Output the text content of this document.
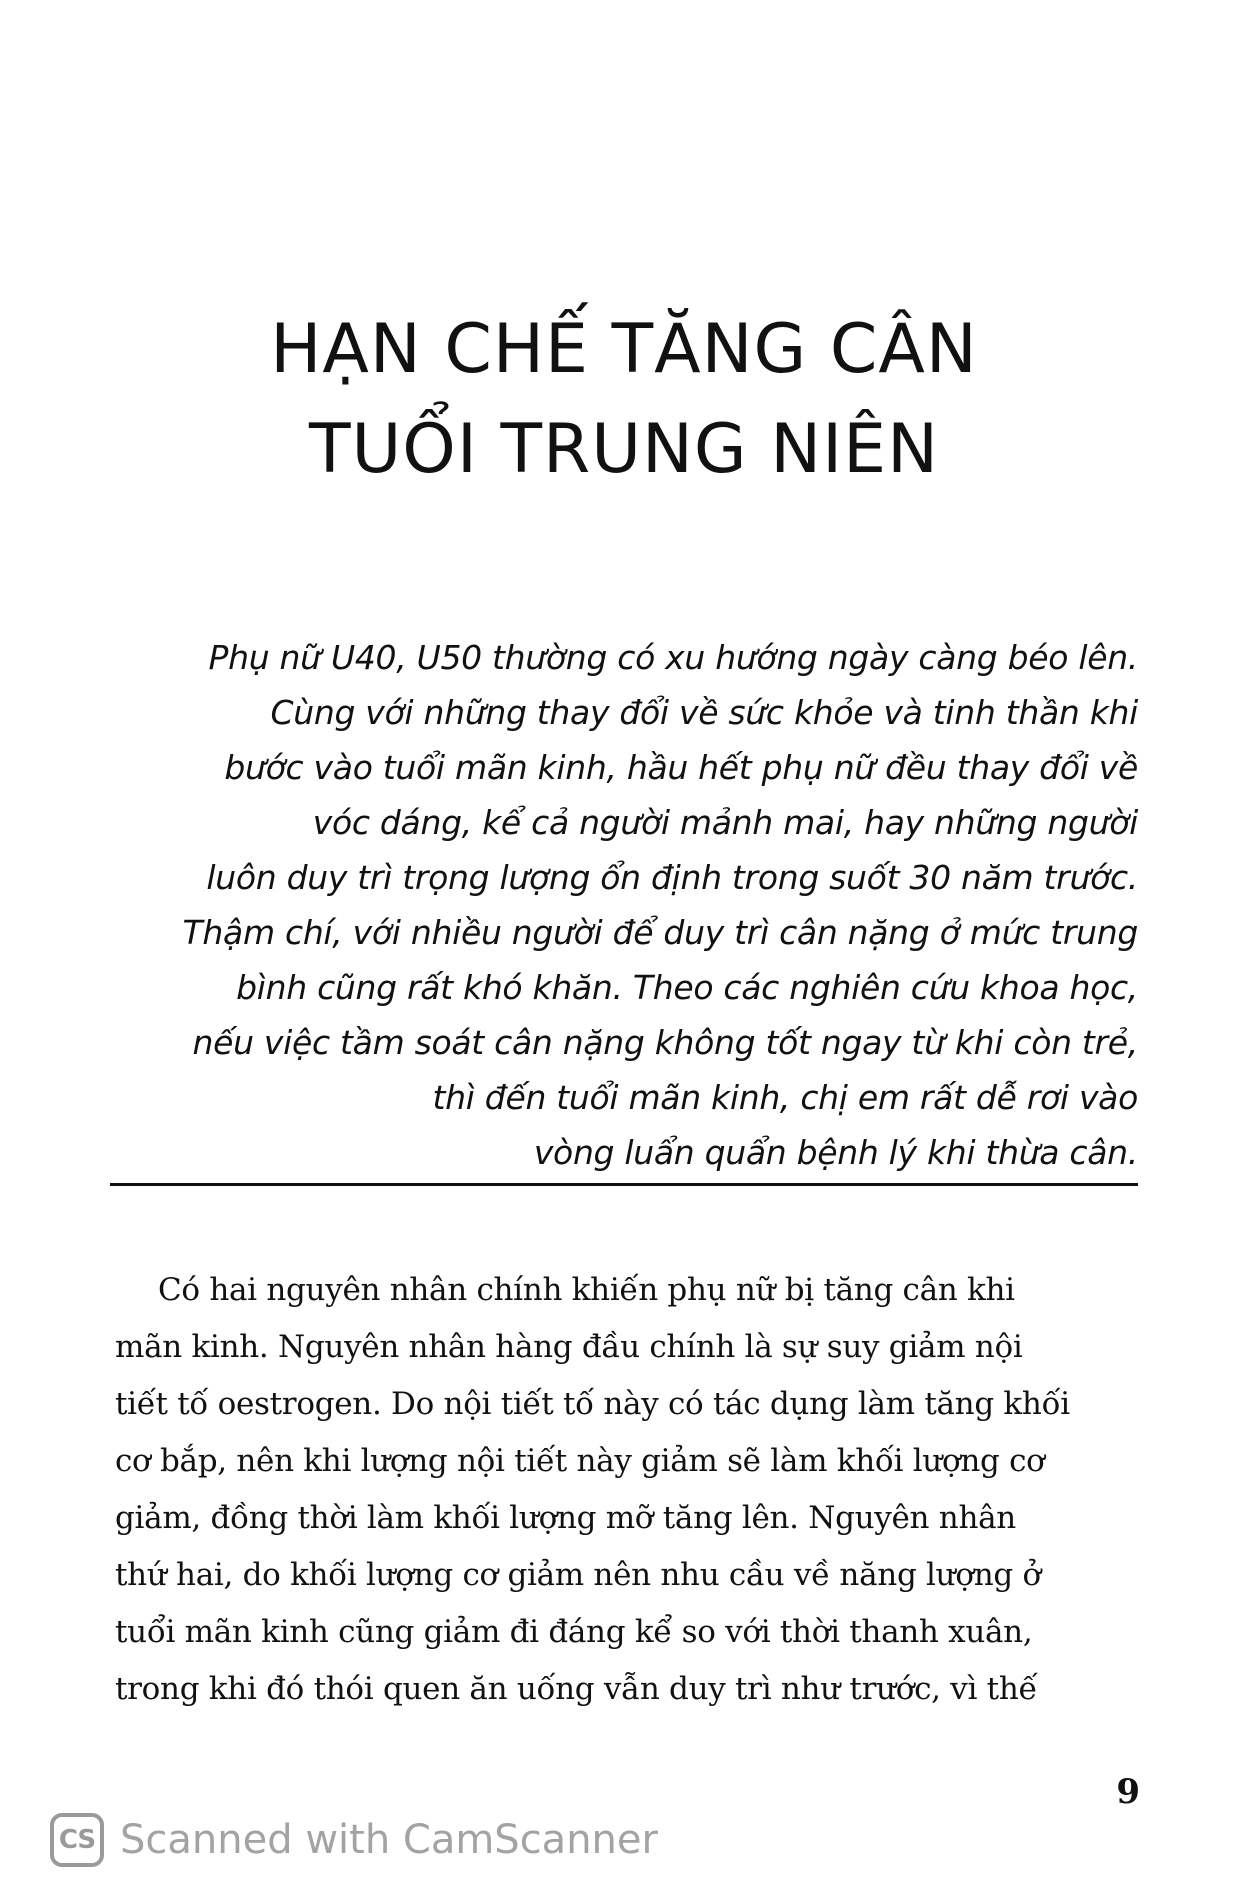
HẠN CHẾ TĂNG CÂN
TUỔI TRUNG NIÊN
Phụ nữ U40, U50 thường có xu hướng ngày càng béo lên.
Cùng với những thay đổi về sức khỏe và tinh thần khi
bước vào tuổi mãn kinh, hầu hết phụ nữ đều thay đổi về
vóc dáng, kể cả người mảnh mai, hay những người
luôn duy trì trọng lượng ổn định trong suốt 30 năm trước.
Thậm chí, với nhiều người để duy trì cân nặng ở mức trung
bình cũng rất khó khăn. Theo các nghiên cứu khoa học,
nếu việc tầm soát cân nặng không tốt ngay từ khi còn trẻ,
thì đến tuổi mãn kinh, chị em rất dễ rơi vào
vòng luẩn quẩn bệnh lý khi thừa cân.
Có hai nguyên nhân chính khiến phụ nữ bị tăng cân khi
mãn kinh. Nguyên nhân hàng đầu chính là sự suy giảm nội
tiết tố oestrogen. Do nội tiết tố này có tác dụng làm tăng khối
cơ bắp, nên khi lượng nội tiết này giảm sẽ làm khối lượng cơ
giảm, đồng thời làm khối lượng mỡ tăng lên. Nguyên nhân
thứ hai, do khối lượng cơ giảm nên nhu cầu về năng lượng ở
tuổi mãn kinh cũng giảm đi đáng kể so với thời thanh xuân,
trong khi đó thói quen ăn uống vẫn duy trì như trước, vì thế
9
CS Scanned with CamScanner
